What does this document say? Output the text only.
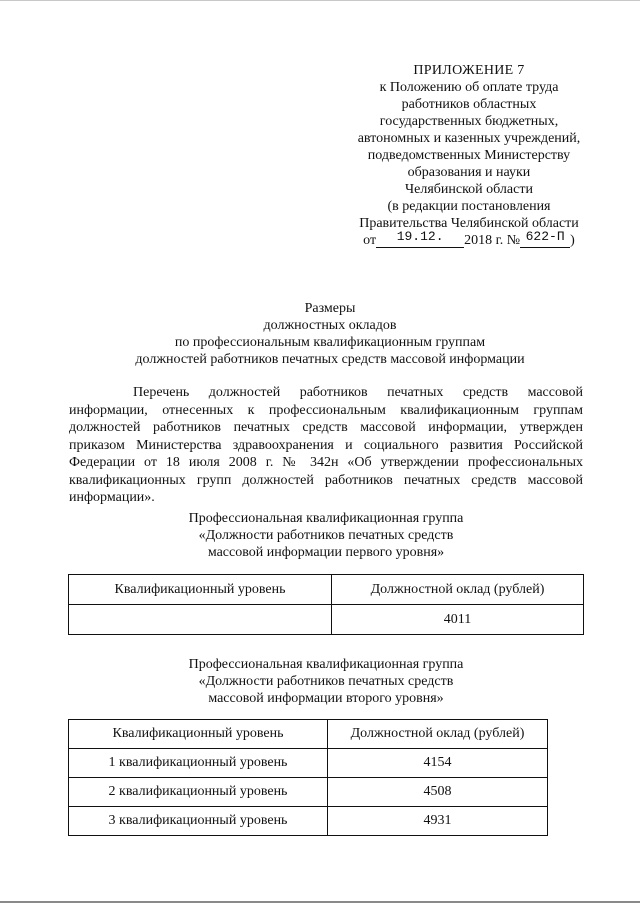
ПРИЛОЖЕНИЕ 7
к Положению об оплате труда
работников областных
государственных бюджетных,
автономных и казенных учреждений,
подведомственных Министерству
образования и науки
Челябинской области
(в редакции постановления
Правительства Челябинской области
от 19.12. 2018 г. № 622-П )
Размеры
должностных окладов
по профессиональным квалификационным группам
должностей работников печатных средств массовой информации

Перечень должностей работников печатных средств массовой информации, отнесенных к профессиональным квалификационным группам должностей работников печатных средств массовой информации, утвержден приказом Министерства здравоохранения и социального развития Российской Федерации от 18 июля 2008 г. № 342н «Об утверждении профессиональных квалификационных групп должностей работников печатных средств массовой информации».

Профессиональная квалификационная группа
«Должности работников печатных средств
массовой информации первого уровня»
Квалификационный уровень	Должностной оклад (рублей)
	4011
Профессиональная квалификационная группа
«Должности работников печатных средств
массовой информации второго уровня»
Квалификационный уровень	Должностной оклад (рублей)
1 квалификационный уровень	4154
2 квалификационный уровень	4508
3 квалификационный уровень	4931
